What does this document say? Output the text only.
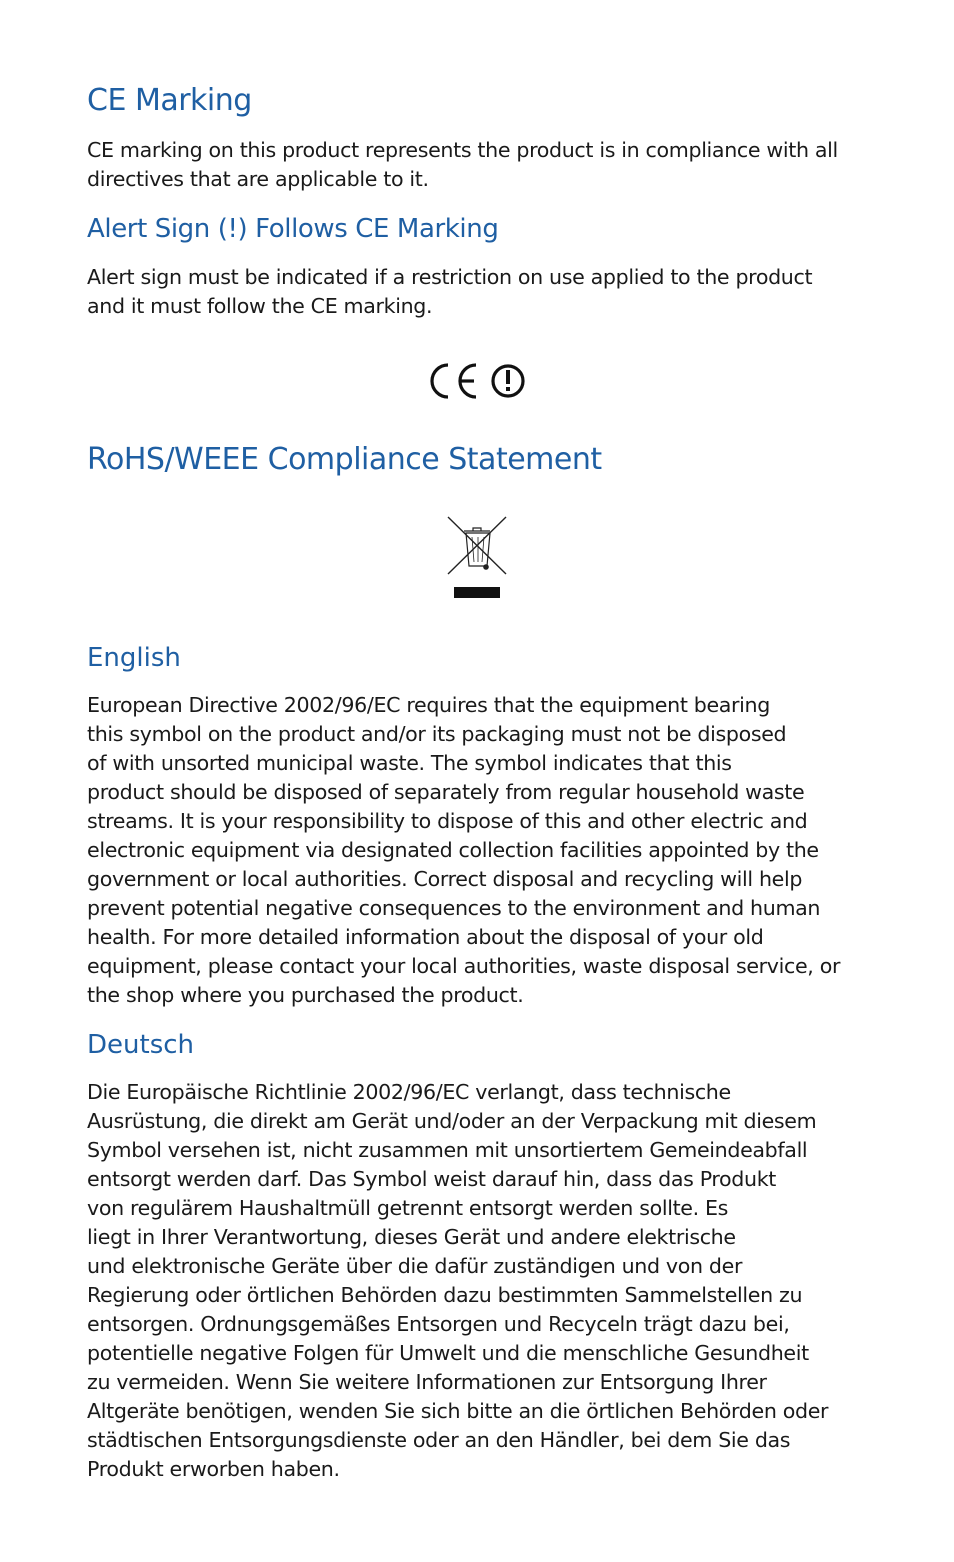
CE Marking

CE marking on this product represents the product is in compliance with all
directives that are applicable to it.

Alert Sign (!) Follows CE Marking

Alert sign must be indicated if a restriction on use applied to the product
and it must follow the CE marking.

RoHS/WEEE Compliance Statement
English

European Directive 2002/96/EC requires that the equipment bearing
this symbol on the product and/or its packaging must not be disposed
of with unsorted municipal waste. The symbol indicates that this
product should be disposed of separately from regular household waste
streams. It is your responsibility to dispose of this and other electric and
electronic equipment via designated collection facilities appointed by the
government or local authorities. Correct disposal and recycling will help
prevent potential negative consequences to the environment and human
health. For more detailed information about the disposal of your old
equipment, please contact your local authorities, waste disposal service, or
the shop where you purchased the product.

Deutsch

Die Europäische Richtlinie 2002/96/EC verlangt, dass technische
Ausrüstung, die direkt am Gerät und/oder an der Verpackung mit diesem
Symbol versehen ist, nicht zusammen mit unsortiertem Gemeindeabfall
entsorgt werden darf. Das Symbol weist darauf hin, dass das Produkt
von regulärem Haushaltmüll getrennt entsorgt werden sollte. Es
liegt in Ihrer Verantwortung, dieses Gerät und andere elektrische
und elektronische Geräte über die dafür zuständigen und von der
Regierung oder örtlichen Behörden dazu bestimmten Sammelstellen zu
entsorgen. Ordnungsgemäßes Entsorgen und Recyceln trägt dazu bei,
potentielle negative Folgen für Umwelt und die menschliche Gesundheit
zu vermeiden. Wenn Sie weitere Informationen zur Entsorgung Ihrer
Altgeräte benötigen, wenden Sie sich bitte an die örtlichen Behörden oder
städtischen Entsorgungsdienste oder an den Händler, bei dem Sie das
Produkt erworben haben.
